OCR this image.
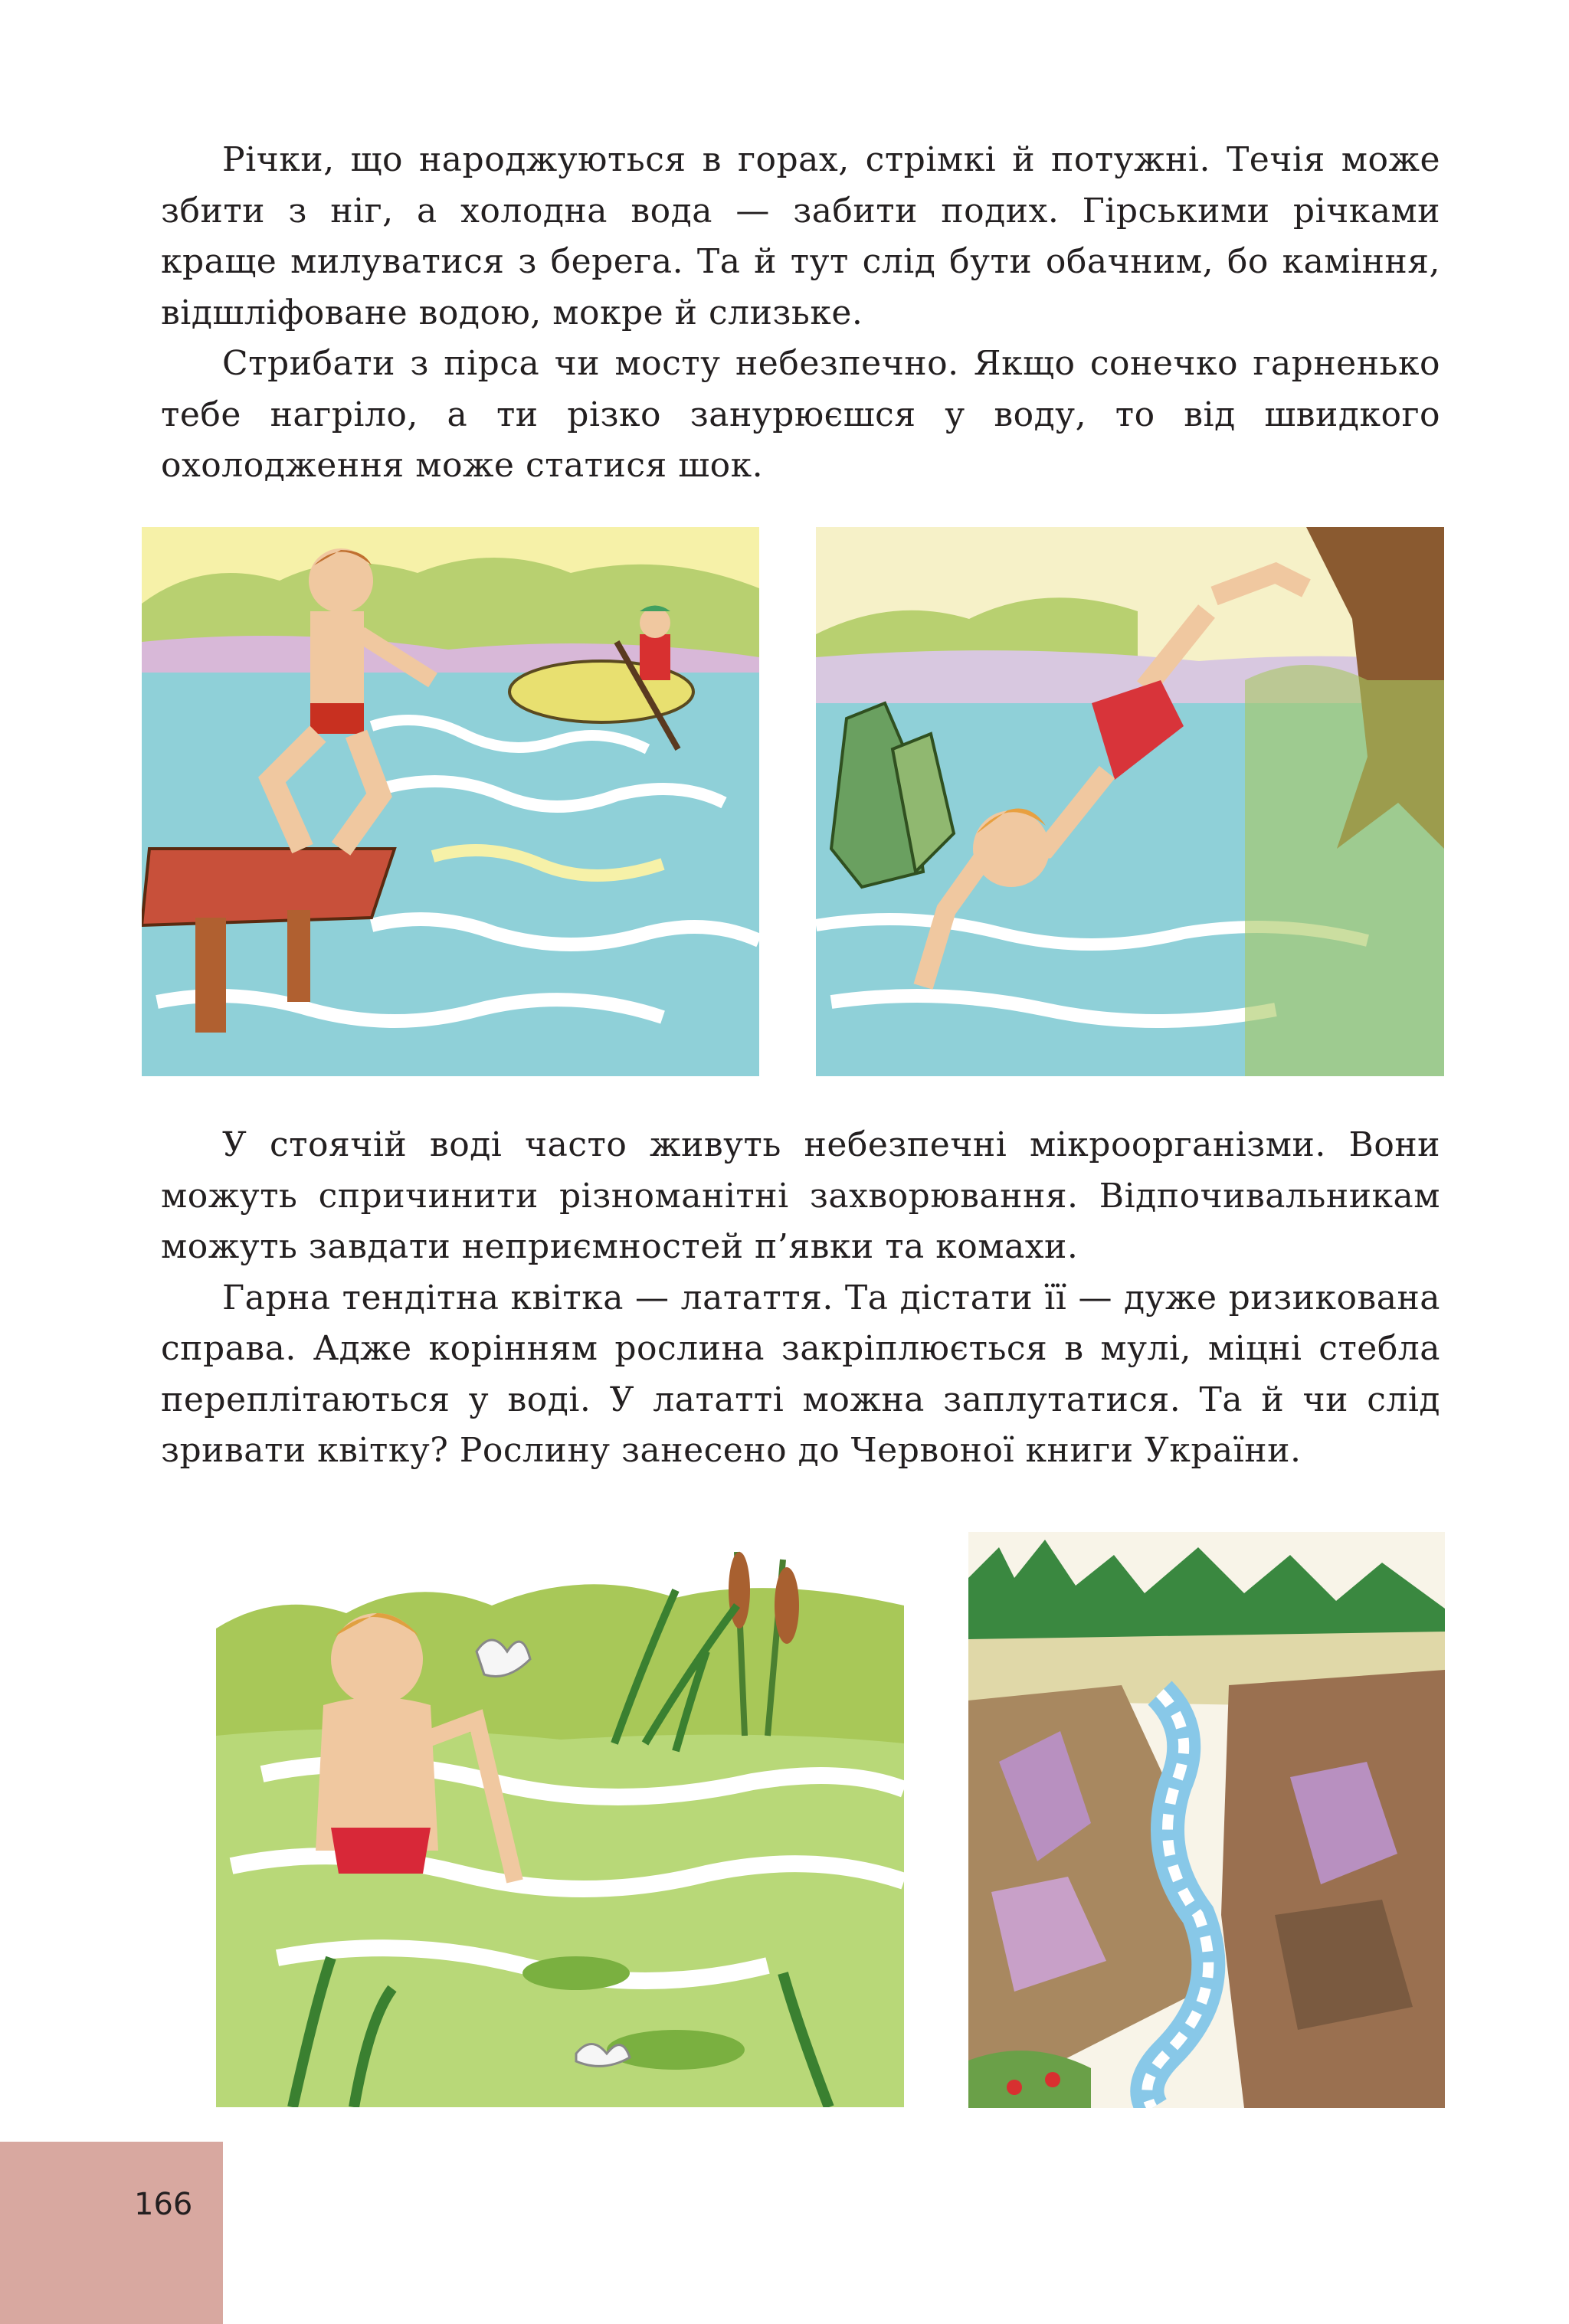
Річки, що народжуються в горах, стрімкі й потужні. Течія може збити з ніг, а холодна вода — забити подих. Гірськими річками краще милуватися з берега. Та й тут слід бути обачним, бо каміння, відшліфоване водою, мокре й слизьке.

Стрибати з пірса чи мосту небезпечно. Якщо сонечко гарненько тебе нагріло, а ти різко занурюєшся у воду, то від швидкого охолодження може статися шок.

У стоячій воді часто живуть небезпечні мікроорганізми. Вони можуть спричинити різноманітні захворювання. Відпочивальникам можуть завдати неприємностей п’явки та комахи.

Гарна тендітна квітка — латаття. Та дістати її — дуже ризикована справа. Адже корінням рослина закріплюється в мулі, міцні стебла переплітаються у воді. У лататті можна заплутатися. Та й чи слід зривати квітку? Рослину занесено до Червоної книги України.

166
